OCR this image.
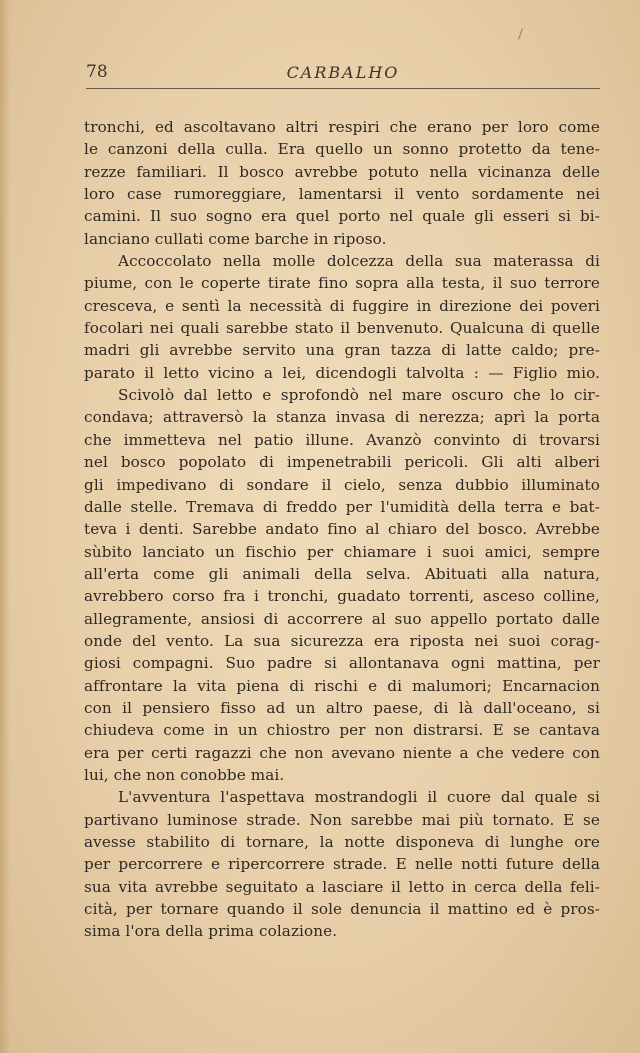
78	CARBALHO
tronchi, ed ascoltavano altri respiri che erano per loro come
le canzoni della culla. Era quello un sonno protetto da tene-
rezze familiari. Il bosco avrebbe potuto nella vicinanza delle
loro case rumoreggiare, lamentarsi il vento sordamente nei
camini. Il suo sogno era quel porto nel quale gli esseri si bi-
lanciano cullati come barche in riposo.
Accoccolato nella molle dolcezza della sua materassa di
piume, con le coperte tirate fino sopra alla testa, il suo terrore
cresceva, e sentì la necessità di fuggire in direzione dei poveri
focolari nei quali sarebbe stato il benvenuto. Qualcuna di quelle
madri gli avrebbe servito una gran tazza di latte caldo; pre-
parato il letto vicino a lei, dicendogli talvolta : — Figlio mio.
Scivolò dal letto e sprofondò nel mare oscuro che lo cir-
condava; attraversò la stanza invasa di nerezza; aprì la porta
che immetteva nel patio illune. Avanzò convinto di trovarsi
nel bosco popolato di impenetrabili pericoli. Gli alti alberi
gli impedivano di sondare il cielo, senza dubbio illuminato
dalle stelle. Tremava di freddo per l'umidità della terra e bat-
teva i denti. Sarebbe andato fino al chiaro del bosco. Avrebbe
sùbito lanciato un fischio per chiamare i suoi amici, sempre
all'erta come gli animali della selva. Abituati alla natura,
avrebbero corso fra i tronchi, guadato torrenti, asceso colline,
allegramente, ansiosi di accorrere al suo appello portato dalle
onde del vento. La sua sicurezza era riposta nei suoi corag-
giosi compagni. Suo padre si allontanava ogni mattina, per
affrontare la vita piena di rischi e di malumori; Encarnacion
con il pensiero fisso ad un altro paese, di là dall'oceano, si
chiudeva come in un chiostro per non distrarsi. E se cantava
era per certi ragazzi che non avevano niente a che vedere con
lui, che non conobbe mai.
L'avventura l'aspettava mostrandogli il cuore dal quale si
partivano luminose strade. Non sarebbe mai più tornato. E se
avesse stabilito di tornare, la notte disponeva di lunghe ore
per percorrere e ripercorrere strade. E nelle notti future della
sua vita avrebbe seguitato a lasciare il letto in cerca della feli-
cità, per tornare quando il sole denuncia il mattino ed è pros-
sima l'ora della prima colazione.
